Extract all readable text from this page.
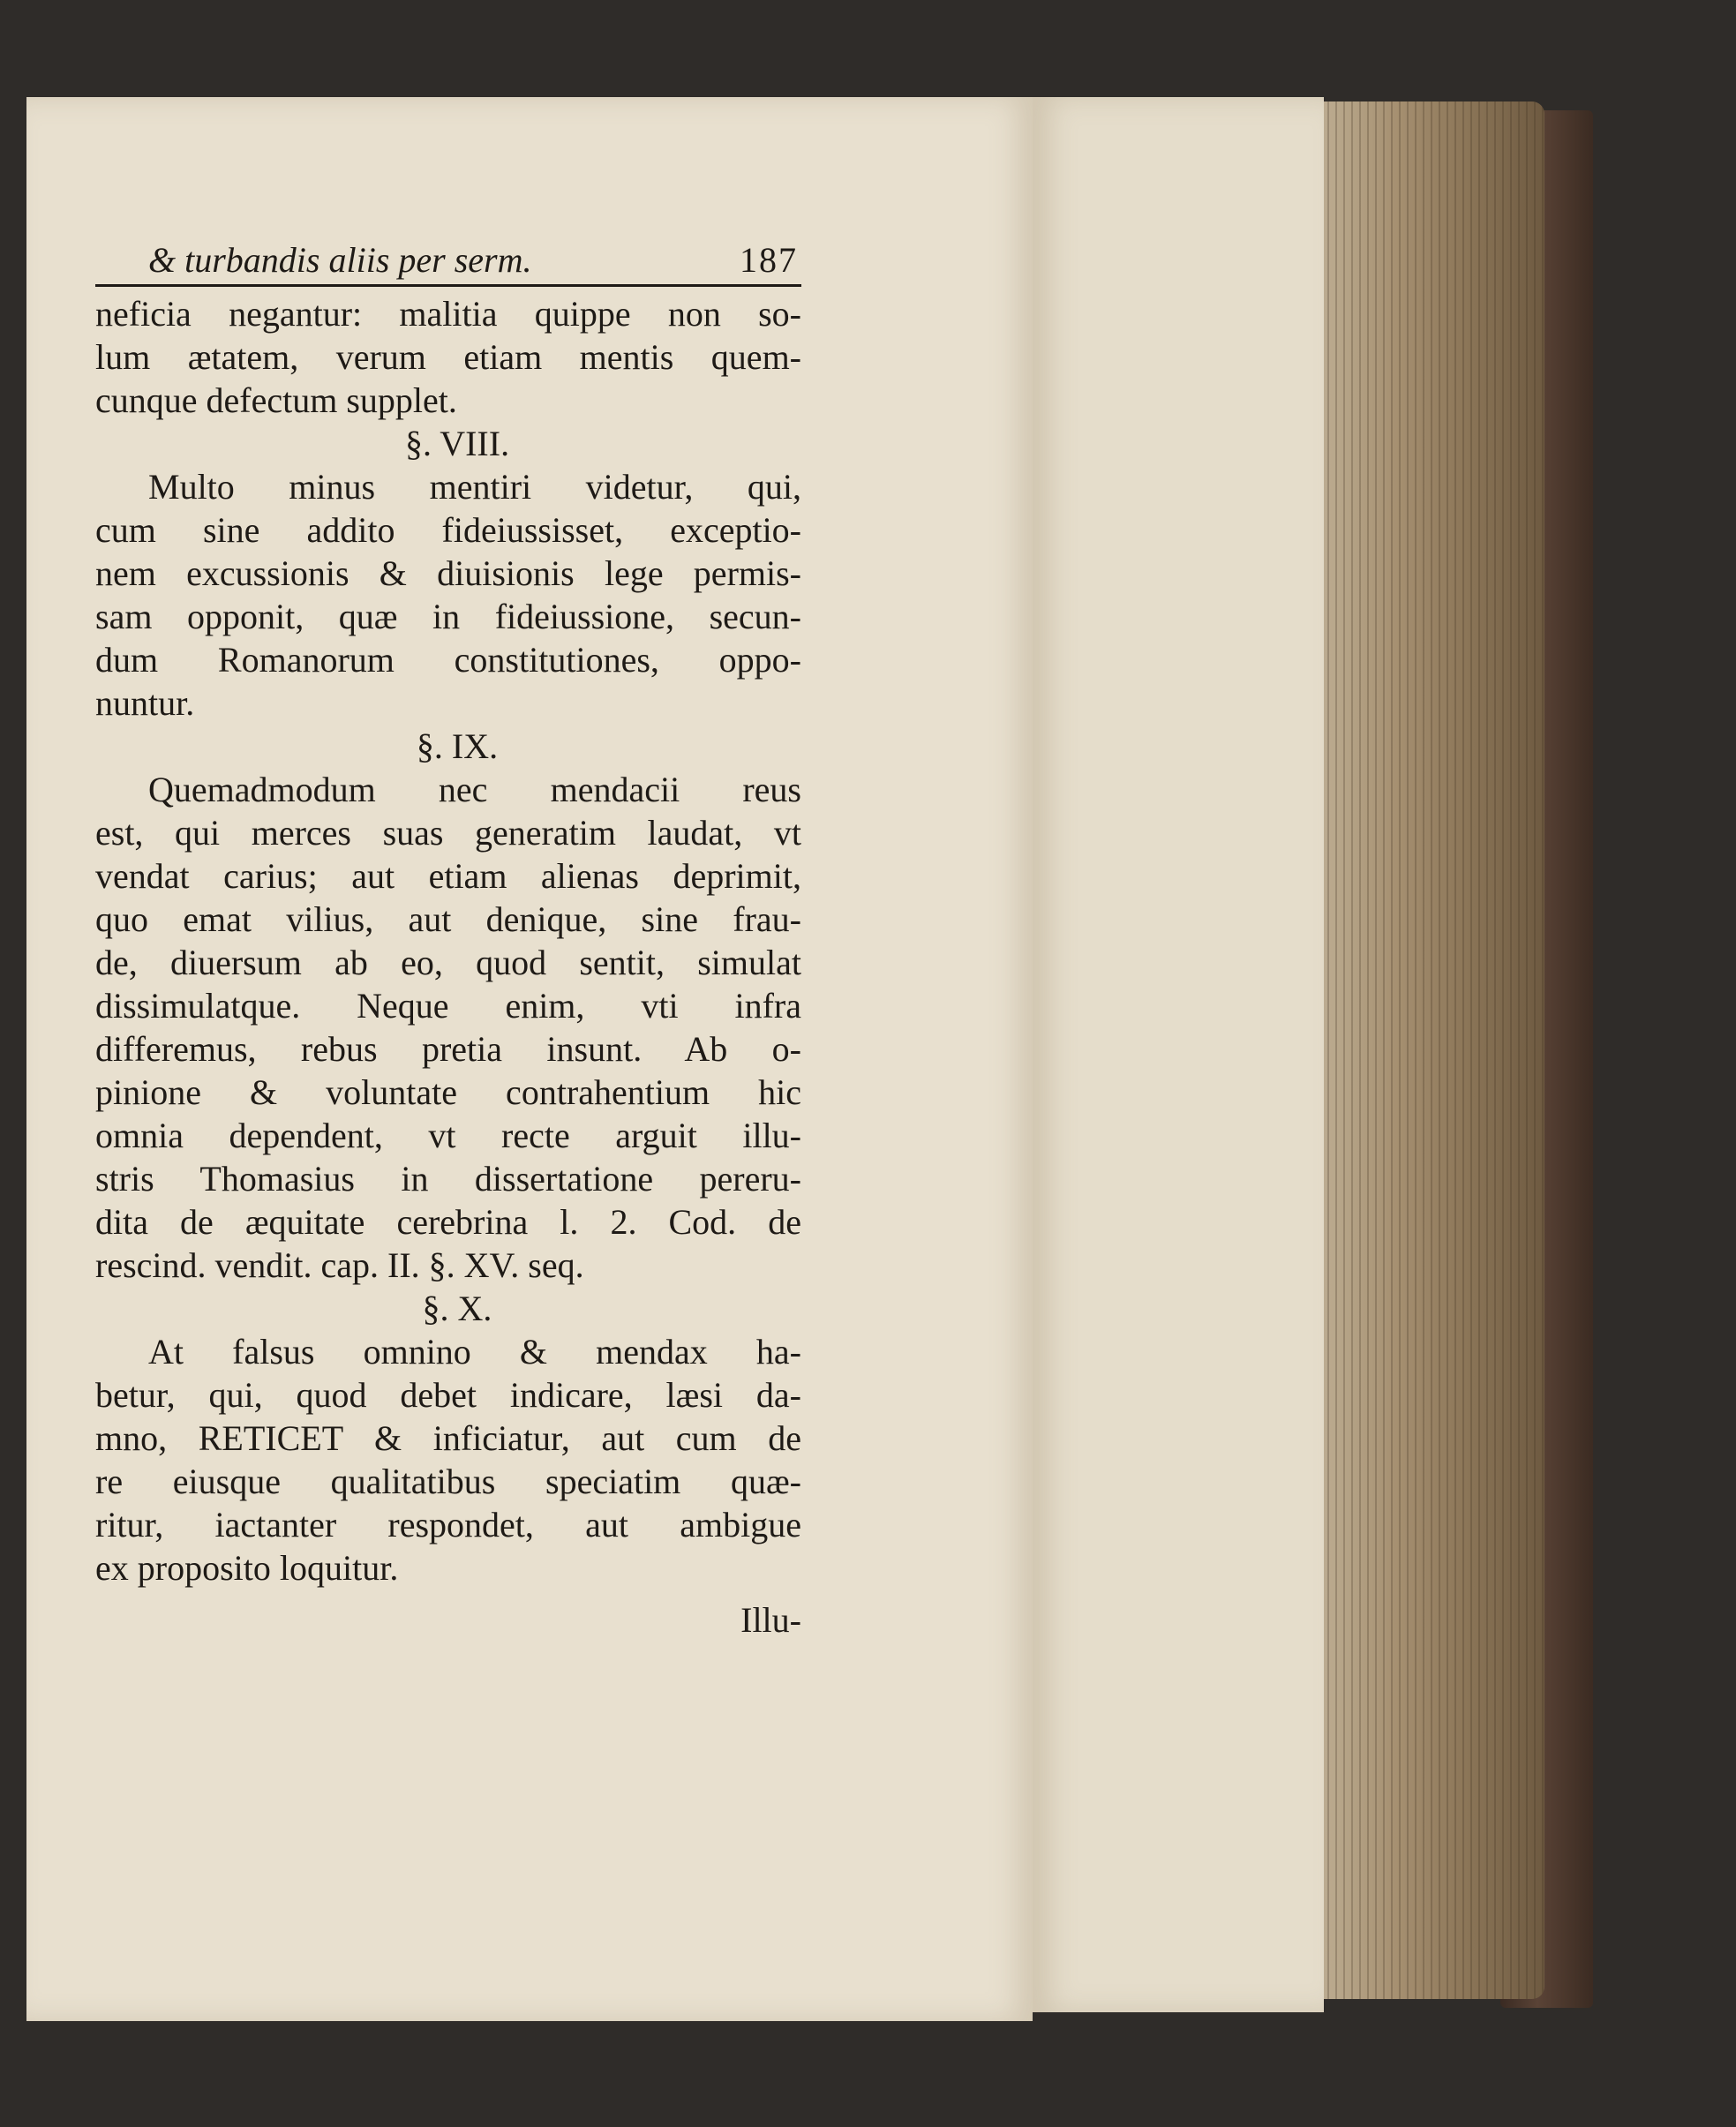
& turbandis aliis per serm.	187
neficia negantur: malitia quippe non so-
lum ætatem, verum etiam mentis quem-
cunque defectum supplet.
§. VIII.
Multo minus mentiri videtur, qui,
cum sine addito fideiussisset, exceptio-
nem excussionis & diuisionis lege permis-
sam opponit, quæ in fideiussione, secun-
dum Romanorum constitutiones, oppo-
nuntur.
§. IX.
Quemadmodum nec mendacii reus
est, qui merces suas generatim laudat, vt
vendat carius; aut etiam alienas deprimit,
quo emat vilius, aut denique, sine frau-
de, diuersum ab eo, quod sentit, simulat
dissimulatque. Neque enim, vti infra
differemus, rebus pretia insunt. Ab o-
pinione & voluntate contrahentium hic
omnia dependent, vt recte arguit illu-
stris Thomasius in dissertatione pereru-
dita de æquitate cerebrina l. 2. Cod. de
rescind. vendit. cap. II. §. XV. seq.
§. X.
At falsus omnino & mendax ha-
betur, qui, quod debet indicare, læsi da-
mno, RETICET & inficiatur, aut cum de
re eiusque qualitatibus speciatim quæ-
ritur, iactanter respondet, aut ambigue
ex proposito loquitur.
Illu-
